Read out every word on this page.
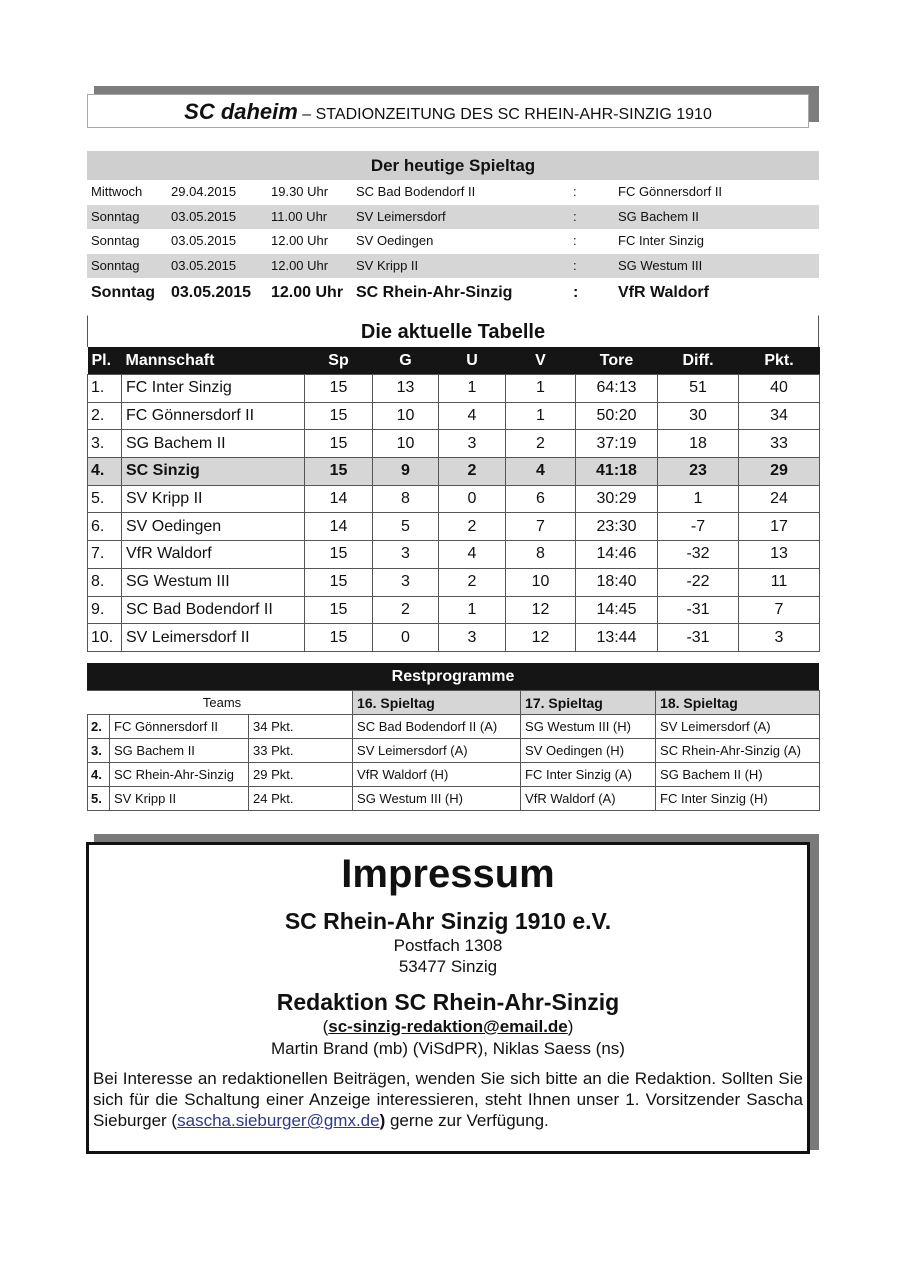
SC daheim – STADIONZEITUNG DES SC RHEIN-AHR-SINZIG 1910
Der heutige Spieltag
Mittwoch 29.04.2015	19.30 Uhr SC Bad Bodendorf II	:	FC Gönnersdorf II
Sonntag 03.05.2015	11.00 Uhr SV Leimersdorf	:	SG Bachem II
Sonntag 03.05.2015	12.00 Uhr SV Oedingen	:	FC Inter Sinzig
Sonntag 03.05.2015	12.00 Uhr SV Kripp II	:	SG Westum III
Sonntag 03.05.2015 12.00 Uhr SC Rhein-Ahr-Sinzig	: VfR Waldorf
Die aktuelle Tabelle
Pl.	Mannschaft	Sp	G	U	V	Tore	Diff.	Pkt.
1.	FC Inter Sinzig	15	13	1	1	64:13	51	40
2.	FC Gönnersdorf II	15	10	4	1	50:20	30	34
3.	SG Bachem II	15	10	3	2	37:19	18	33
4.	SC Sinzig	15	9	2	4	41:18	23	29
5.	SV Kripp II	14	8	0	6	30:29	1	24
6.	SV Oedingen	14	5	2	7	23:30	-7	17
7.	VfR Waldorf	15	3	4	8	14:46	-32	13
8.	SG Westum III	15	3	2	10	18:40	-22	11
9.	SC Bad Bodendorf II	15	2	1	12	14:45	-31	7
10.	SV Leimersdorf II	15	0	3	12	13:44	-31	3
Restprogramme
Teams			16. Spieltag	17. Spieltag	18. Spieltag
2.	FC Gönnersdorf II	34 Pkt.	SC Bad Bodendorf II (A)	SG Westum III (H)	SV Leimersdorf (A)
3.	SG Bachem II	33 Pkt.	SV Leimersdorf (A)	SV Oedingen (H)	SC Rhein-Ahr-Sinzig (A)
4.	SC Rhein-Ahr-Sinzig	29 Pkt.	VfR Waldorf (H)	FC Inter Sinzig (A)	SG Bachem II (H)
5.	SV Kripp II	24 Pkt.	SG Westum III (H)	VfR Waldorf (A)	FC Inter Sinzig (H)
Impressum
SC Rhein-Ahr Sinzig 1910 e.V.
Postfach 1308
53477 Sinzig
Redaktion SC Rhein-Ahr-Sinzig
(sc-sinzig-redaktion@email.de)
Martin Brand (mb) (ViSdPR), Niklas Saess (ns)
Bei Interesse an redaktionellen Beiträgen, wenden Sie sich bitte an die Redaktion. Sollten Sie sich für die Schaltung einer Anzeige interessieren, steht Ihnen unser 1. Vorsitzender Sascha Sieburger (sascha.sieburger@gmx.de) gerne zur Verfügung.
